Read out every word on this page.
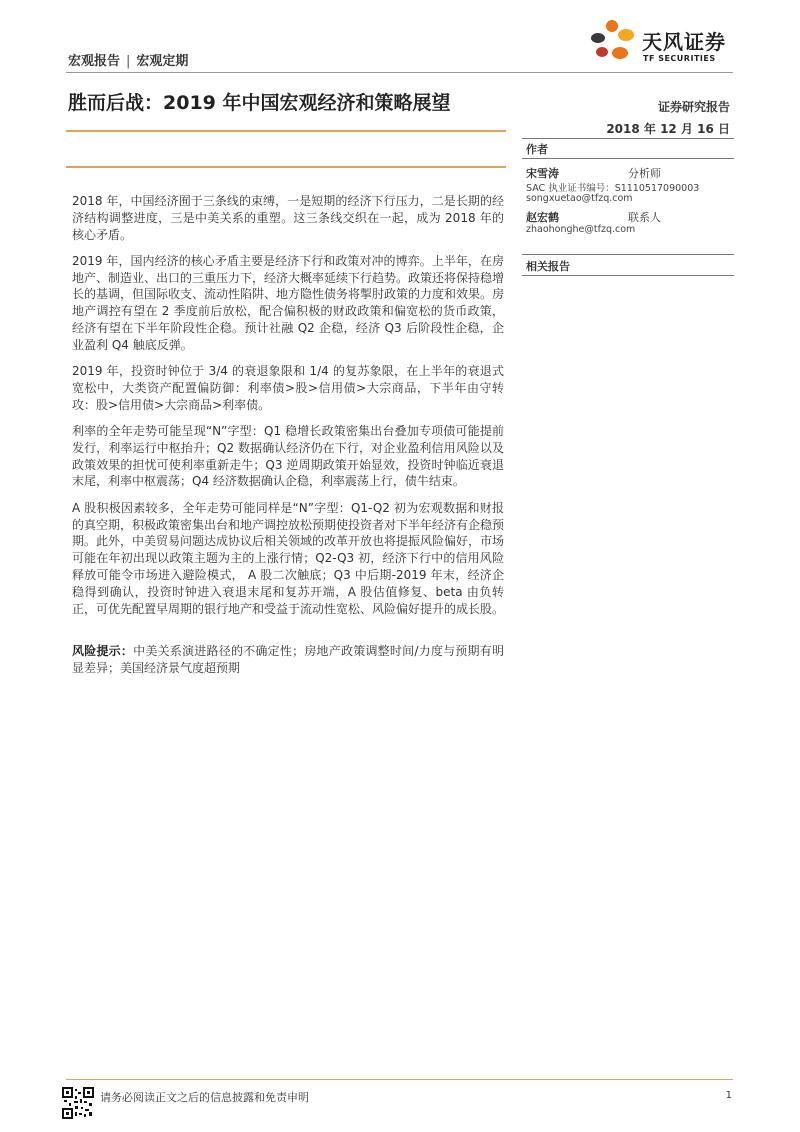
宏观报告 | 宏观定期
天风证券
TF SECURITIES
胜而后战：2019 年中国宏观经济和策略展望	证券研究报告
2018 年 12 月 16 日
作者
宋雪涛	分析师
SAC 执业证书编号：S1110517090003
songxuetao@tfzq.com
赵宏鹤	联系人
zhaohonghe@tfzq.com
相关报告

2018 年，中国经济囿于三条线的束缚，一是短期的经济下行压力，二是长期的经济结构调整进度，三是中美关系的重塑。这三条线交织在一起，成为 2018 年的核心矛盾。

2019 年，国内经济的核心矛盾主要是经济下行和政策对冲的博弈。上半年，在房地产、制造业、出口的三重压力下，经济大概率延续下行趋势。政策还将保持稳增长的基调，但国际收支、流动性陷阱、地方隐性债务将掣肘政策的力度和效果。房地产调控有望在 2 季度前后放松，配合偏积极的财政政策和偏宽松的货币政策，经济有望在下半年阶段性企稳。预计社融 Q2 企稳，经济 Q3 后阶段性企稳，企业盈利 Q4 触底反弹。

2019 年，投资时钟位于 3/4 的衰退象限和 1/4 的复苏象限，在上半年的衰退式宽松中，大类资产配置偏防御：利率债>股>信用债>大宗商品，下半年由守转攻：股>信用债>大宗商品>利率债。

利率的全年走势可能呈现“N”字型：Q1 稳增长政策密集出台叠加专项债可能提前发行，利率运行中枢抬升；Q2 数据确认经济仍在下行，对企业盈利信用风险以及政策效果的担忧可使利率重新走牛；Q3 逆周期政策开始显效，投资时钟临近衰退末尾，利率中枢震荡；Q4 经济数据确认企稳，利率震荡上行，债牛结束。

A 股积极因素较多，全年走势可能同样是“N”字型：Q1-Q2 初为宏观数据和财报的真空期，积极政策密集出台和地产调控放松预期使投资者对下半年经济有企稳预期。此外，中美贸易问题达成协议后相关领域的改革开放也将提振风险偏好，市场可能在年初出现以政策主题为主的上涨行情；Q2-Q3 初，经济下行中的信用风险释放可能令市场进入避险模式， A 股二次触底；Q3 中后期-2019 年末，经济企稳得到确认，投资时钟进入衰退末尾和复苏开端，A 股估值修复、beta 由负转正，可优先配置早周期的银行地产和受益于流动性宽松、风险偏好提升的成长股。

风险提示：中美关系演进路径的不确定性；房地产政策调整时间/力度与预期有明显差异；美国经济景气度超预期

请务必阅读正文之后的信息披露和免责申明	1
